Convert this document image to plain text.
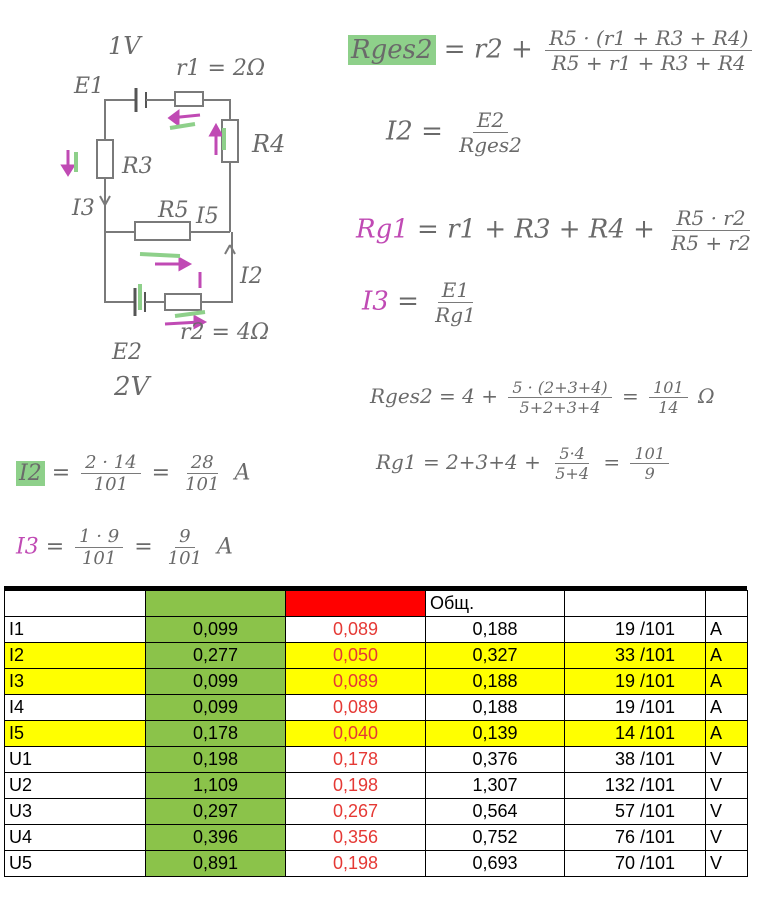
1V
E1
r1 = 2Ω
R4
R3
I3	R5 I5
I2
E2
r2 = 4Ω
2V
Rges2 = $r2 + \frac{R5 \cdot (r1 + R3 + R4)}{R5 + r1 + R3 + R4}$
$I2 = \frac{E2}{\text{Rges2}}$
$Rg1 = r1 + R3 + R4 + \frac{R5 \cdot r2}{R5 + r2}$
$I3 = \frac{E1}{Rg1}$
Rges2 = $4 + \frac{5 \cdot (2+3+4)}{5+2+3+4} = \frac{101}{14}$ Ω
$Rg1 = 2+3+4 + \frac{5\cdot 4}{5+4} = \frac{101}{9}$
$I2 = \frac{2 \cdot 14}{101} = \frac{28}{101}$ A
$I3 = \frac{1 \cdot 9}{101} = \frac{9}{101}$ A
			Общ.		
I1	0,099	0,089	0,188	19 /101	A
I2	0,277	0,050	0,327	33 /101	A
I3	0,099	0,089	0,188	19 /101	A
I4	0,099	0,089	0,188	19 /101	A
I5	0,178	0,040	0,139	14 /101	A
U1	0,198	0,178	0,376	38 /101	V
U2	1,109	0,198	1,307	132 /101	V
U3	0,297	0,267	0,564	57 /101	V
U4	0,396	0,356	0,752	76 /101	V
U5	0,891	0,198	0,693	70 /101	V
